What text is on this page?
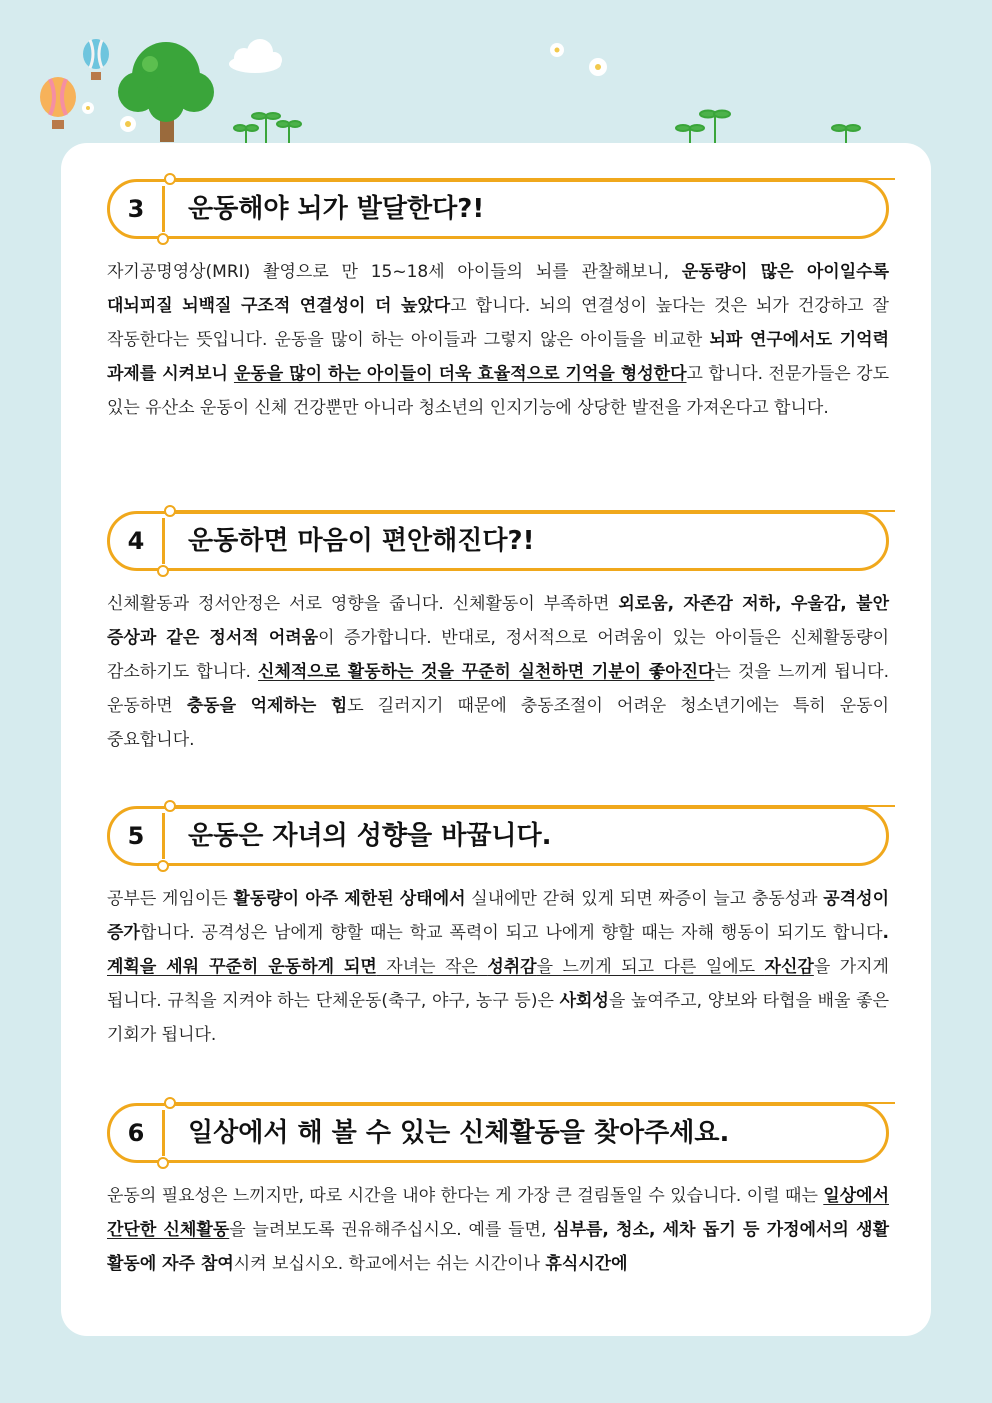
3	운동해야 뇌가 발달한다?!
자기공명영상(MRI) 촬영으로 만 15~18세 아이들의 뇌를 관찰해보니, 운동량이 많은 아이일수록 대뇌피질 뇌백질 구조적 연결성이 더 높았다고 합니다. 뇌의 연결성이 높다는 것은 뇌가 건강하고 잘 작동한다는 뜻입니다. 운동을 많이 하는 아이들과 그렇지 않은 아이들을 비교한 뇌파 연구에서도 기억력 과제를 시켜보니 운동을 많이 하는 아이들이 더욱 효율적으로 기억을 형성한다고 합니다. 전문가들은 강도 있는 유산소 운동이 신체 건강뿐만 아니라 청소년의 인지기능에 상당한 발전을 가져온다고 합니다.
4	운동하면 마음이 편안해진다?!
신체활동과 정서안정은 서로 영향을 줍니다. 신체활동이 부족하면 외로움, 자존감 저하, 우울감, 불안 증상과 같은 정서적 어려움이 증가합니다. 반대로, 정서적으로 어려움이 있는 아이들은 신체활동량이 감소하기도 합니다. 신체적으로 활동하는 것을 꾸준히 실천하면 기분이 좋아진다는 것을 느끼게 됩니다. 운동하면 충동을 억제하는 힘도 길러지기 때문에 충동조절이 어려운 청소년기에는 특히 운동이 중요합니다.
5	운동은 자녀의 성향을 바꿉니다.
공부든 게임이든 활동량이 아주 제한된 상태에서 실내에만 갇혀 있게 되면 짜증이 늘고 충동성과 공격성이 증가합니다. 공격성은 남에게 향할 때는 학교 폭력이 되고 나에게 향할 때는 자해 행동이 되기도 합니다. 계획을 세워 꾸준히 운동하게 되면 자녀는 작은 성취감을 느끼게 되고 다른 일에도 자신감을 가지게 됩니다. 규칙을 지켜야 하는 단체운동(축구, 야구, 농구 등)은 사회성을 높여주고, 양보와 타협을 배울 좋은 기회가 됩니다.
6	일상에서 해 볼 수 있는 신체활동을 찾아주세요.
운동의 필요성은 느끼지만, 따로 시간을 내야 한다는 게 가장 큰 걸림돌일 수 있습니다. 이럴 때는 일상에서 간단한 신체활동을 늘려보도록 권유해주십시오. 예를 들면, 심부름, 청소, 세차 돕기 등 가정에서의 생활 활동에 자주 참여시켜 보십시오. 학교에서는 쉬는 시간이나 휴식시간에
